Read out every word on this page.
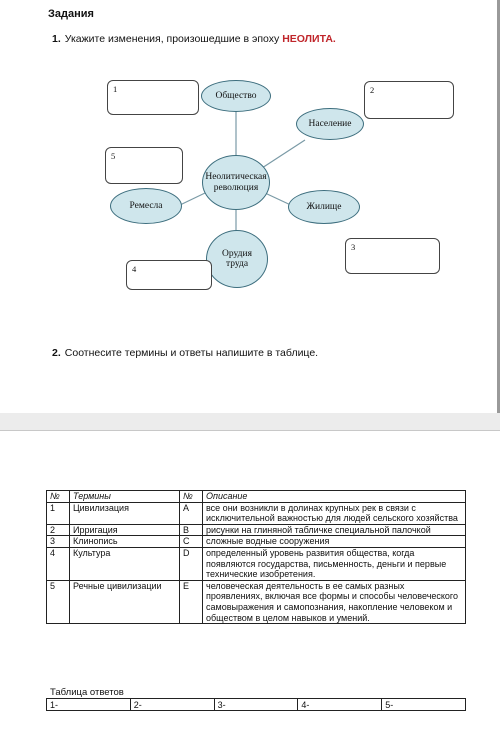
Задания
1. Укажите изменения, произошедшие в эпоху НЕОЛИТА.
Общество
Население
Неолитическая революция
Жилище
Ремесла
Орудия труда
1	2
5
3
4
2. Соотнесите термины и ответы напишите в таблице.
№	Термины	№	Описание
1	Цивилизация	A	все они возникли в долинах крупных рек в связи с исключительной важностью для людей сельского хозяйства
2	Ирригация	B	рисунки на глиняной табличке специальной палочкой
3	Клинопись	C	сложные водные сооружения
4	Культура	D	определенный уровень развития общества, когда появляются государства, письменность, деньги и первые технические изобретения.
5	Речные цивилизации	E	человеческая деятельность в ее самых разных проявлениях, включая все формы и способы человеческого самовыражения и самопознания, накопление человеком и обществом в целом навыков и умений.
Таблица ответов
1-	2-	3-	4-	5-
